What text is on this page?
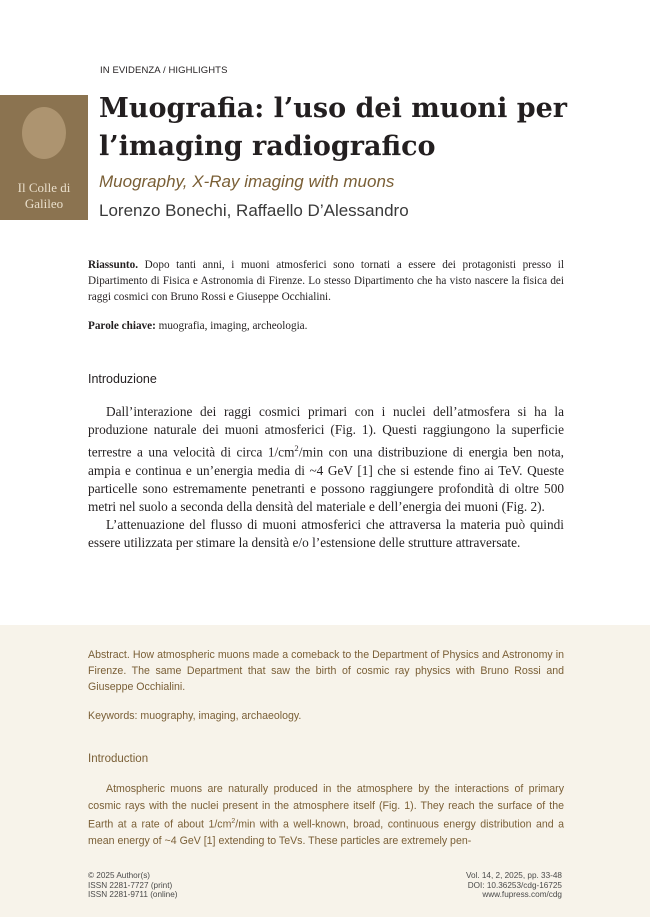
Il Colle di
Galileo
IN EVIDENZA / HIGHLIGHTS
Muografia: l’uso dei muoni per
l’imaging radiografico
Muography, X-Ray imaging with muons
Lorenzo Bonechi, Raffaello D’Alessandro

Riassunto. Dopo tanti anni, i muoni atmosferici sono tornati a essere dei protagonisti presso il Dipartimento di Fisica e Astronomia di Firenze. Lo stesso Dipartimento che ha visto nascere la fisica dei raggi cosmici con Bruno Rossi e Giuseppe Occhialini.

Parole chiave: muografia, imaging, archeologia.

Introduzione

Dall’interazione dei raggi cosmici primari con i nuclei dell’atmosfera si ha la produzione naturale dei muoni atmosferici (Fig. 1). Questi raggiungono la superficie terrestre a una velocità di circa $1/cm^2/\min$ con una distribuzione di energia ben nota, ampia e continua e un’energia media di ~4 GeV [1] che si estende fino ai TeV. Queste particelle sono estremamente penetranti e possono raggiungere profondità di oltre 500 metri nel suolo a seconda della densità del materiale e dell’energia dei muoni (Fig. 2).

L’attenuazione del flusso di muoni atmosferici che attraversa la materia può quindi essere utilizzata per stimare la densità e/o l’estensione delle strutture attraversate.

Abstract. How atmospheric muons made a comeback to the Department of Physics and Astronomy in Firenze. The same Department that saw the birth of cosmic ray physics with Bruno Rossi and Giuseppe Occhialini.

Keywords: muography, imaging, archaeology.

Introduction

Atmospheric muons are naturally produced in the atmosphere by the interactions of primary cosmic rays with the nuclei present in the atmosphere itself (Fig. 1). They reach the surface of the Earth at a rate of about $1/cm^2/\min$ with a well-known, broad, continuous energy distribution and a mean energy of ~4 GeV [1] extending to TeVs. These particles are extremely pen-

© 2025 Author(s)
ISSN 2281-7727 (print)
ISSN 2281-9711 (online)
Vol. 14, 2, 2025, pp. 33-48
DOI: 10.36253/cdg-16725
www.fupress.com/cdg
